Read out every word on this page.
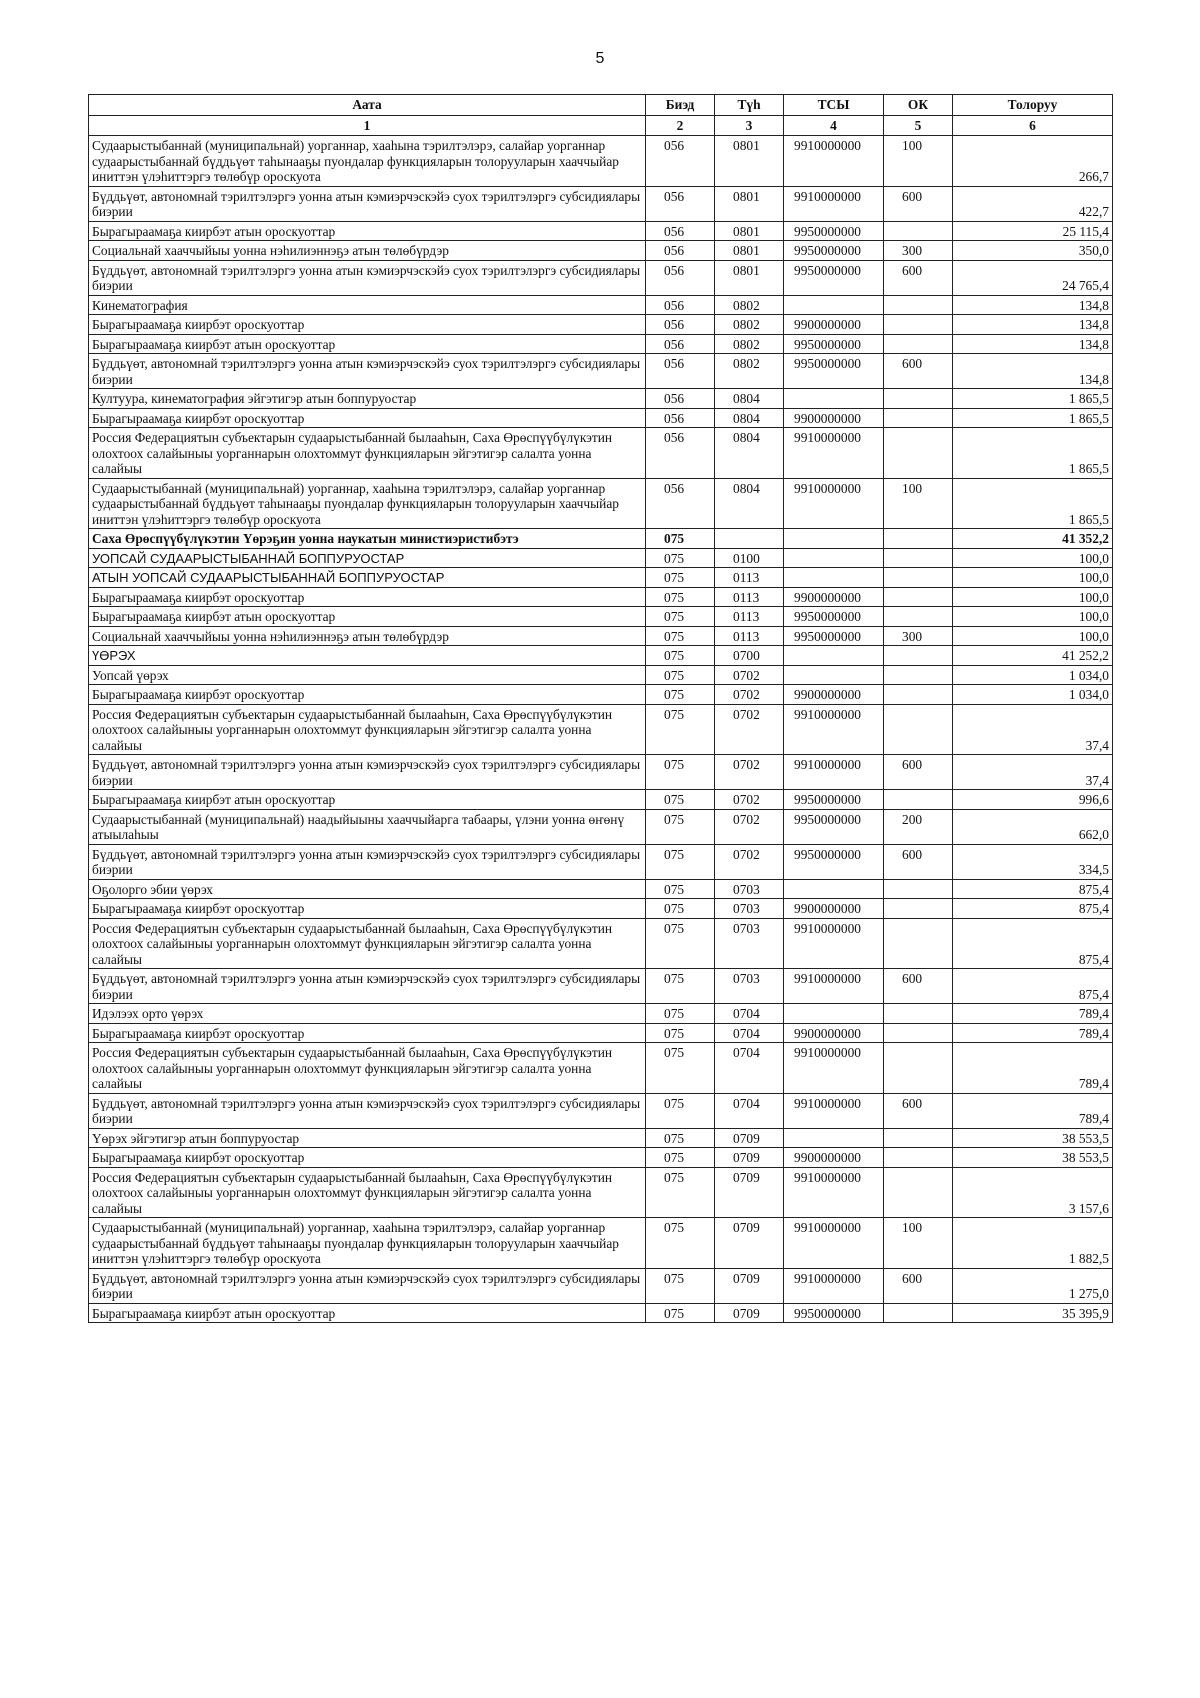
5
Аата	Биэд	Түһ	ТСЫ	ОК	Толоруу
1	2	3	4	5	6
Судаарыстыбаннай (муниципальнай) уорганнар, хааһына тэрилтэлэрэ, салайар уорганнар судаарыстыбаннай бүддьүөт таһынааҕы пуондалар функцияларын толорууларын хааччыйар иниттэн үлэһиттэргэ төлөбүр ороскуота	056	0801	9910000000	100	266,7
Бүддьүөт, автономнай тэрилтэлэргэ уонна атын кэмиэрчэскэйэ суох тэрилтэлэргэ субсидиялары биэрии	056	0801	9910000000	600	422,7
Бырагыраамаҕа киирбэт атын ороскуоттар	056	0801	9950000000		25 115,4
Социальнай хааччыйыы уонна нэһилиэннэҕэ атын төлөбүрдэр	056	0801	9950000000	300	350,0
Бүддьүөт, автономнай тэрилтэлэргэ уонна атын кэмиэрчэскэйэ суох тэрилтэлэргэ субсидиялары биэрии	056	0801	9950000000	600	24 765,4
Кинематография	056	0802			134,8
Бырагыраамаҕа киирбэт ороскуоттар	056	0802	9900000000		134,8
Бырагыраамаҕа киирбэт атын ороскуоттар	056	0802	9950000000		134,8
Бүддьүөт, автономнай тэрилтэлэргэ уонна атын кэмиэрчэскэйэ суох тэрилтэлэргэ субсидиялары биэрии	056	0802	9950000000	600	134,8
Култуура, кинематография эйгэтигэр атын боппуруостар	056	0804			1 865,5
Бырагыраамаҕа киирбэт ороскуоттар	056	0804	9900000000		1 865,5
Россия Федерациятын субъектарын судаарыстыбаннай былааһын, Саха Өрөспүүбүлүкэтин олохтоох салайыныы уорганнарын олохтоммут функцияларын эйгэтигэр салалта уонна салайыы	056	0804	9910000000		1 865,5
Судаарыстыбаннай (муниципальнай) уорганнар, хааһына тэрилтэлэрэ, салайар уорганнар судаарыстыбаннай бүддьүөт таһынааҕы пуондалар функцияларын толорууларын хааччыйар иниттэн үлэһиттэргэ төлөбүр ороскуота	056	0804	9910000000	100	1 865,5
Саха Өрөспүүбүлүкэтин Үөрэҕин уонна наукатын министиэристибэтэ	075				41 352,2
УОПСАЙ СУДААРЫСТЫБАННАЙ БОППУРУОСТАР	075	0100			100,0
АТЫН УОПСАЙ СУДААРЫСТЫБАННАЙ БОППУРУОСТАР	075	0113			100,0
Бырагыраамаҕа киирбэт ороскуоттар	075	0113	9900000000		100,0
Бырагыраамаҕа киирбэт атын ороскуоттар	075	0113	9950000000		100,0
Социальнай хааччыйыы уонна нэһилиэннэҕэ атын төлөбүрдэр	075	0113	9950000000	300	100,0
ҮӨРЭХ	075	0700			41 252,2
Уопсай үөрэх	075	0702			1 034,0
Бырагыраамаҕа киирбэт ороскуоттар	075	0702	9900000000		1 034,0
Россия Федерациятын субъектарын судаарыстыбаннай былааһын, Саха Өрөспүүбүлүкэтин олохтоох салайыныы уорганнарын олохтоммут функцияларын эйгэтигэр салалта уонна салайыы	075	0702	9910000000		37,4
Бүддьүөт, автономнай тэрилтэлэргэ уонна атын кэмиэрчэскэйэ суох тэрилтэлэргэ субсидиялары биэрии	075	0702	9910000000	600	37,4
Бырагыраамаҕа киирбэт атын ороскуоттар	075	0702	9950000000		996,6
Судаарыстыбаннай (муниципальнай) наадыйыыны хааччыйарга табаары, үлэни уонна өҥөнү атыылаһыы	075	0702	9950000000	200	662,0
Бүддьүөт, автономнай тэрилтэлэргэ уонна атын кэмиэрчэскэйэ суох тэрилтэлэргэ субсидиялары биэрии	075	0702	9950000000	600	334,5
Оҕолорго эбии үөрэх	075	0703			875,4
Бырагыраамаҕа киирбэт ороскуоттар	075	0703	9900000000		875,4
Россия Федерациятын субъектарын судаарыстыбаннай былааһын, Саха Өрөспүүбүлүкэтин олохтоох салайыныы уорганнарын олохтоммут функцияларын эйгэтигэр салалта уонна салайыы	075	0703	9910000000		875,4
Бүддьүөт, автономнай тэрилтэлэргэ уонна атын кэмиэрчэскэйэ суох тэрилтэлэргэ субсидиялары биэрии	075	0703	9910000000	600	875,4
Идэлээх орто үөрэх	075	0704			789,4
Бырагыраамаҕа киирбэт ороскуоттар	075	0704	9900000000		789,4
Россия Федерациятын субъектарын судаарыстыбаннай былааһын, Саха Өрөспүүбүлүкэтин олохтоох салайыныы уорганнарын олохтоммут функцияларын эйгэтигэр салалта уонна салайыы	075	0704	9910000000		789,4
Бүддьүөт, автономнай тэрилтэлэргэ уонна атын кэмиэрчэскэйэ суох тэрилтэлэргэ субсидиялары биэрии	075	0704	9910000000	600	789,4
Үөрэх эйгэтигэр атын боппуруостар	075	0709			38 553,5
Бырагыраамаҕа киирбэт ороскуоттар	075	0709	9900000000		38 553,5
Россия Федерациятын субъектарын судаарыстыбаннай былааһын, Саха Өрөспүүбүлүкэтин олохтоох салайыныы уорганнарын олохтоммут функцияларын эйгэтигэр салалта уонна салайыы	075	0709	9910000000		3 157,6
Судаарыстыбаннай (муниципальнай) уорганнар, хааһына тэрилтэлэрэ, салайар уорганнар судаарыстыбаннай бүддьүөт таһынааҕы пуондалар функцияларын толорууларын хааччыйар иниттэн үлэһиттэргэ төлөбүр ороскуота	075	0709	9910000000	100	1 882,5
Бүддьүөт, автономнай тэрилтэлэргэ уонна атын кэмиэрчэскэйэ суох тэрилтэлэргэ субсидиялары биэрии	075	0709	9910000000	600	1 275,0
Бырагыраамаҕа киирбэт атын ороскуоттар	075	0709	9950000000		35 395,9
